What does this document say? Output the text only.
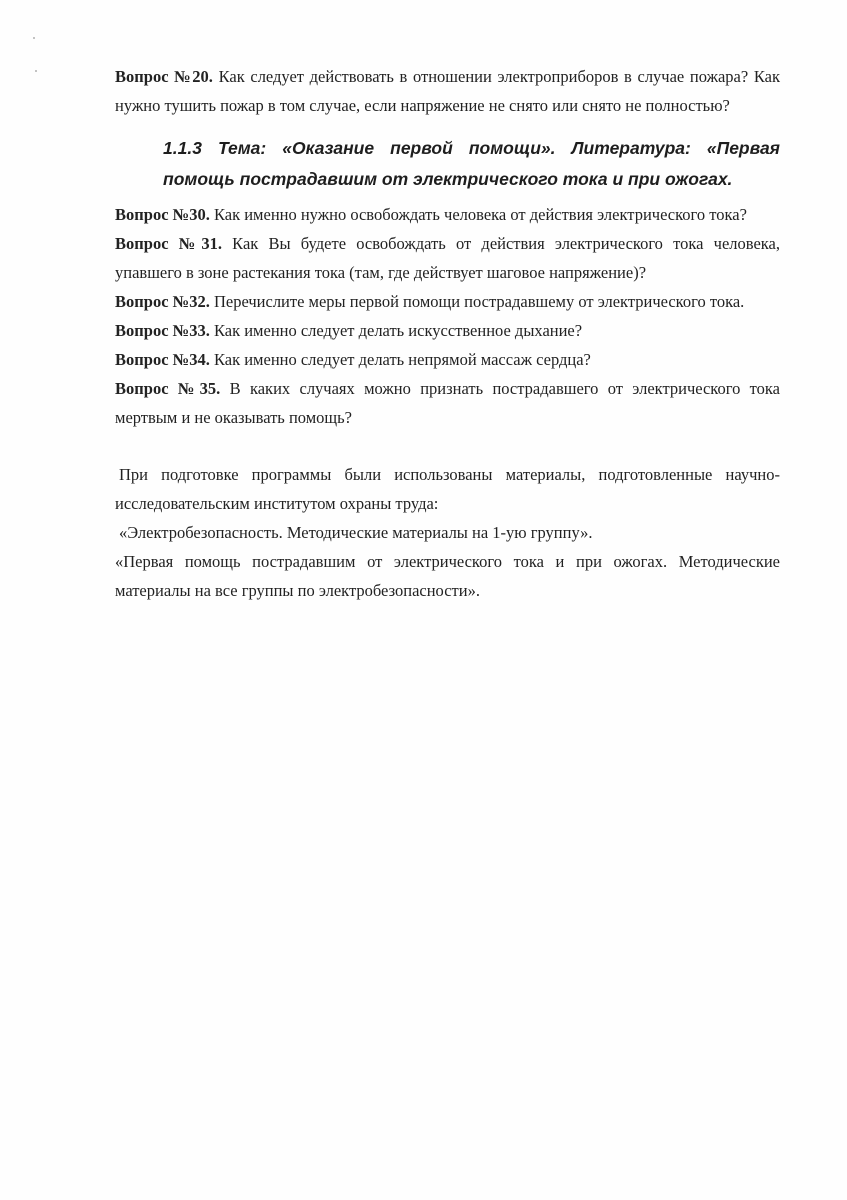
Вопрос №20. Как следует действовать в отношении электроприборов в случае пожара? Как нужно тушить пожар в том случае, если напряжение не снято или снято не полностью?

1.1.3 Тема: «Оказание первой помощи». Литература: «Первая помощь пострадавшим от электрического тока и при ожогах.

Вопрос №30. Как именно нужно освобождать человека от действия электрического тока?

Вопрос №31. Как Вы будете освобождать от действия электрического тока человека, упавшего в зоне растекания тока (там, где действует шаговое напряжение)?

Вопрос №32. Перечислите меры первой помощи пострадавшему от электрического тока.

Вопрос №33. Как именно следует делать искусственное дыхание?

Вопрос №34. Как именно следует делать непрямой массаж сердца?

Вопрос №35. В каких случаях можно признать пострадавшего от электрического тока мертвым и не оказывать помощь?

При подготовке программы были использованы материалы, подготовленные научно-исследовательским институтом охраны труда:

«Электробезопасность. Методические материалы на 1-ую группу».

«Первая помощь пострадавшим от электрического тока и при ожогах. Методические материалы на все группы по электробезопасности».
